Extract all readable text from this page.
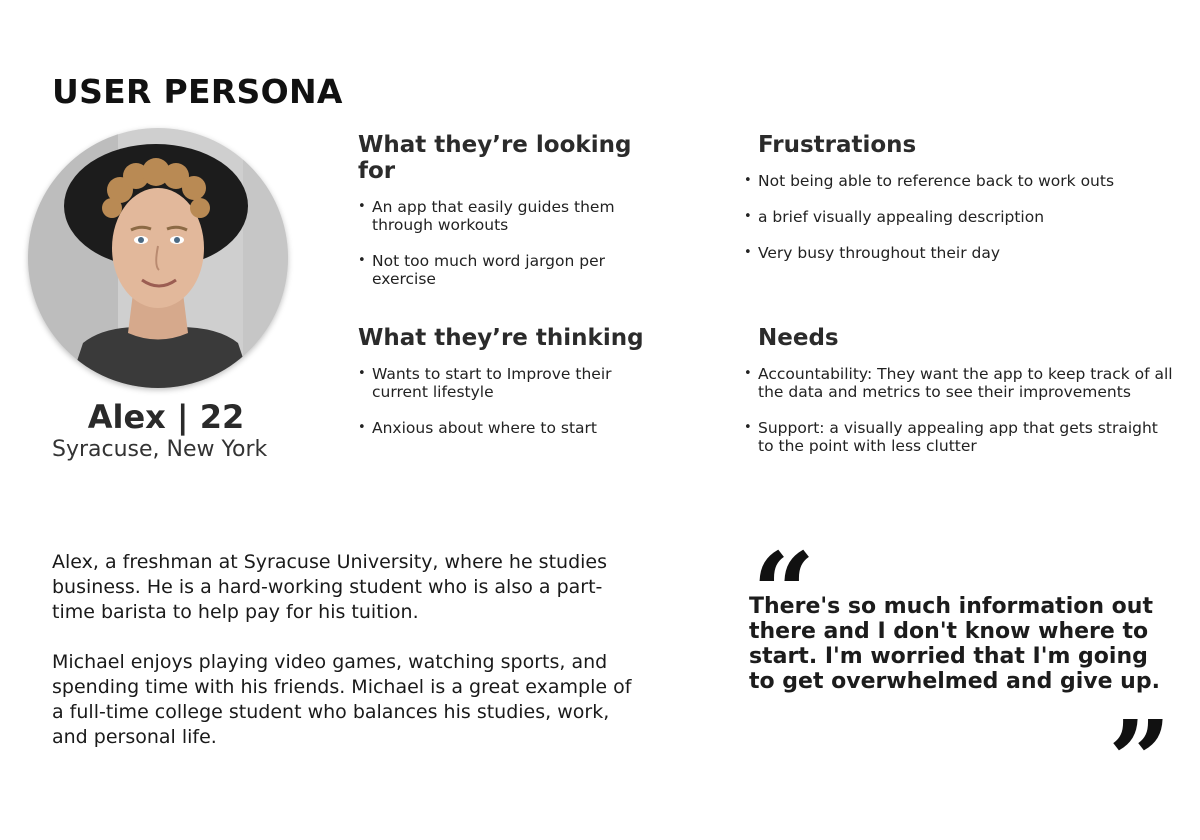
USER PERSONA
Alex | 22
Syracuse, New York
What they’re looking for
• An app that easily guides them through workouts
• Not too much word jargon per exercise
Frustrations
• Not being able to reference back to work outs
• a brief visually appealing description
• Very busy throughout their day
What they’re thinking
• Wants to start to Improve their current lifestyle
• Anxious about where to start
Needs
• Accountability: They want the app to keep track of all the data and metrics to see their improvements
• Support: a visually appealing app that gets straight to the point with less clutter

Alex, a freshman at Syracuse University, where he studies business. He is a hard-working student who is also a part-time barista to help pay for his tuition.

Michael enjoys playing video games, watching sports, and spending time with his friends. Michael is a great example of a full-time college student who balances his studies, work, and personal life.

“
There's so much information out there and I don't know where to start. I'm worried that I'm going to get overwhelmed and give up.
”
